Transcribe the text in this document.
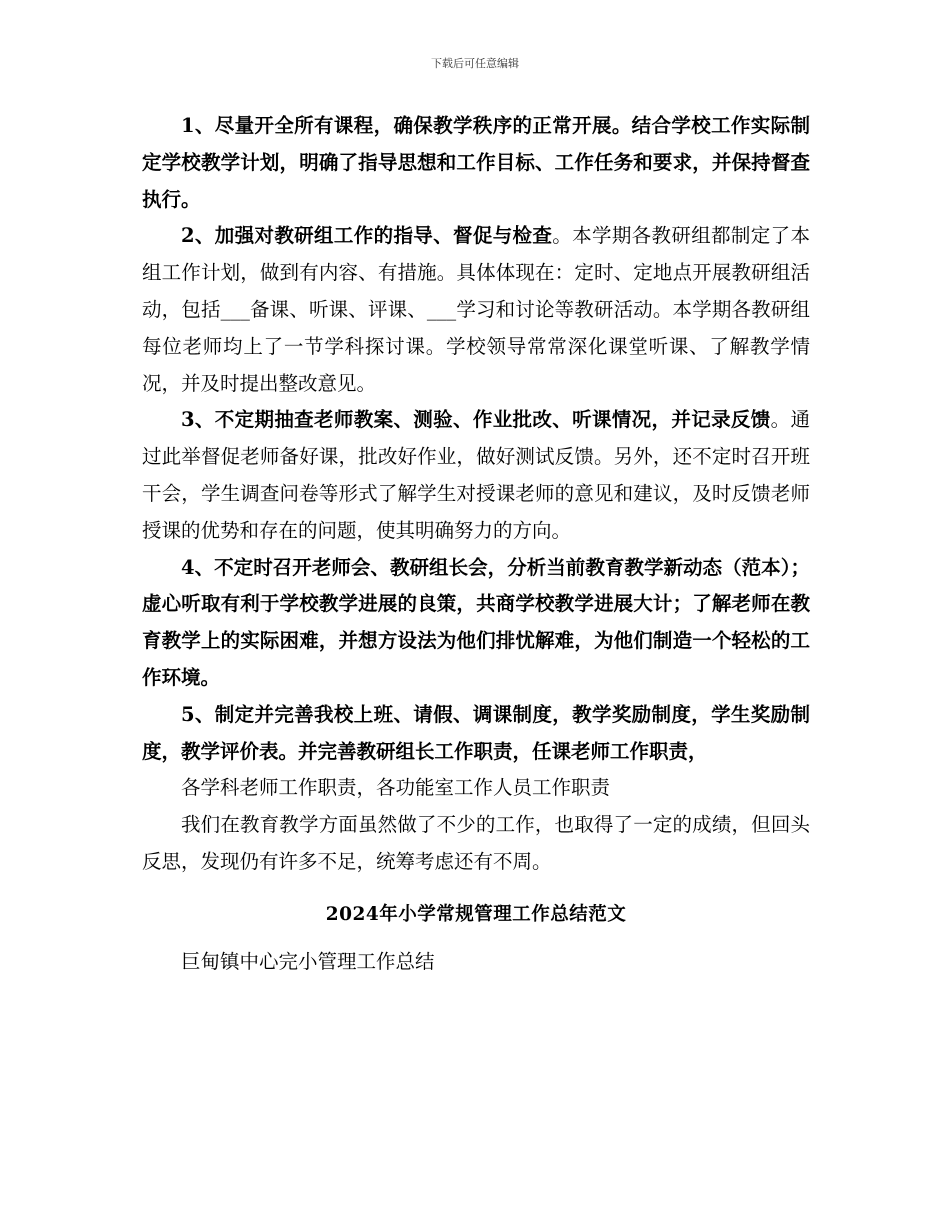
下载后可任意编辑

1、尽量开全所有课程，确保教学秩序的正常开展。结合学校工作实际制定学校教学计划，明确了指导思想和工作目标、工作任务和要求，并保持督查执行。

2、加强对教研组工作的指导、督促与检查。本学期各教研组都制定了本组工作计划，做到有内容、有措施。具体体现在：定时、定地点开展教研组活动，包括___备课、听课、评课、___学习和讨论等教研活动。本学期各教研组每位老师均上了一节学科探讨课。学校领导常常深化课堂听课、了解教学情况，并及时提出整改意见。

3、不定期抽查老师教案、测验、作业批改、听课情况，并记录反馈。通过此举督促老师备好课，批改好作业，做好测试反馈。另外，还不定时召开班干会，学生调查问卷等形式了解学生对授课老师的意见和建议，及时反馈老师授课的优势和存在的问题，使其明确努力的方向。

4、不定时召开老师会、教研组长会，分析当前教育教学新动态（范本）；虚心听取有利于学校教学进展的良策，共商学校教学进展大计；了解老师在教育教学上的实际困难，并想方设法为他们排忧解难，为他们制造一个轻松的工作环境。

5、制定并完善我校上班、请假、调课制度，教学奖励制度，学生奖励制度，教学评价表。并完善教研组长工作职责，任课老师工作职责，

各学科老师工作职责，各功能室工作人员工作职责

我们在教育教学方面虽然做了不少的工作，也取得了一定的成绩，但回头反思，发现仍有许多不足，统筹考虑还有不周。

2024年小学常规管理工作总结范文

巨甸镇中心完小管理工作总结
